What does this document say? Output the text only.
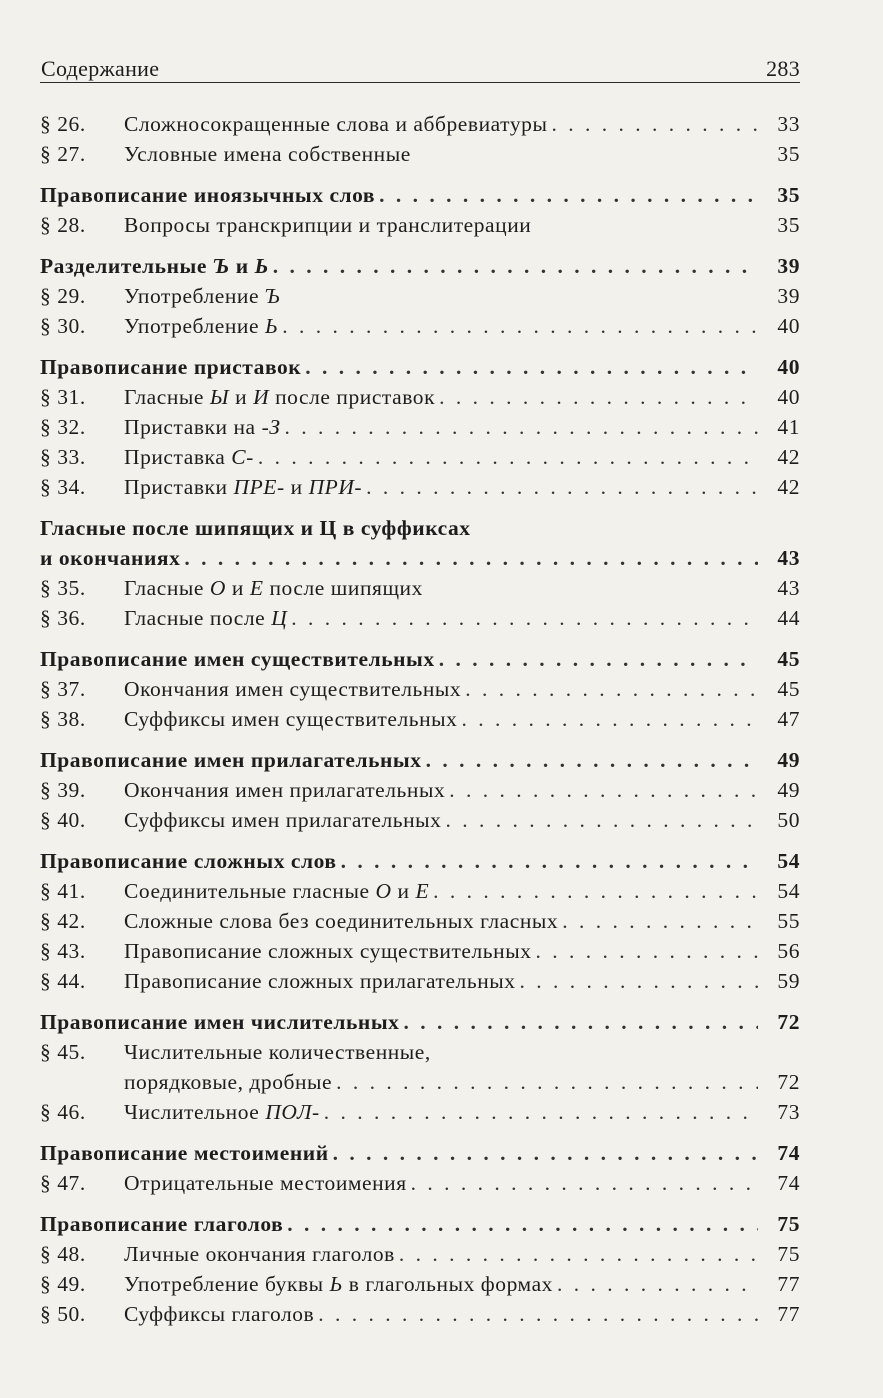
Содержание	283
§ 26.	Сложносокращенные слова и аббревиатуры . . .	33
§ 27.	Условные имена собственные	35
Правописание иноязычных слов . . .	35
§ 28.	Вопросы транскрипции и транслитерации	35
Разделительные Ъ и Ь . . .	39
§ 29.	Употребление Ъ	39
§ 30.	Употребление Ь . . .	40
Правописание приставок . . .	40
§ 31.	Гласные Ы и И после приставок . . .	40
§ 32.	Приставки на -З . . .	41
§ 33.	Приставка С- . . .	42
§ 34.	Приставки ПРЕ- и ПРИ- . . .	42
Гласные после шипящих и Ц в суффиксах
и окончаниях . . .	43
§ 35.	Гласные О и Е после шипящих	43
§ 36.	Гласные после Ц . . .	44
Правописание имен существительных . . .	45
§ 37.	Окончания имен существительных . . .	45
§ 38.	Суффиксы имен существительных . . .	47
Правописание имен прилагательных . . .	49
§ 39.	Окончания имен прилагательных . . .	49
§ 40.	Суффиксы имен прилагательных . . .	50
Правописание сложных слов . . .	54
§ 41.	Соединительные гласные О и Е . . .	54
§ 42.	Сложные слова без соединительных гласных . . .	55
§ 43.	Правописание сложных существительных . . .	56
§ 44.	Правописание сложных прилагательных . . .	59
Правописание имен числительных . . .	72
§ 45.	Числительные количественные,
порядковые, дробные . . .	72
§ 46.	Числительное ПОЛ- . . .	73
Правописание местоимений . . .	74
§ 47.	Отрицательные местоимения . . .	74
Правописание глаголов . . .	75
§ 48.	Личные окончания глаголов . . .	75
§ 49.	Употребление буквы Ь в глагольных формах . . .	77
§ 50.	Суффиксы глаголов . . .	77
